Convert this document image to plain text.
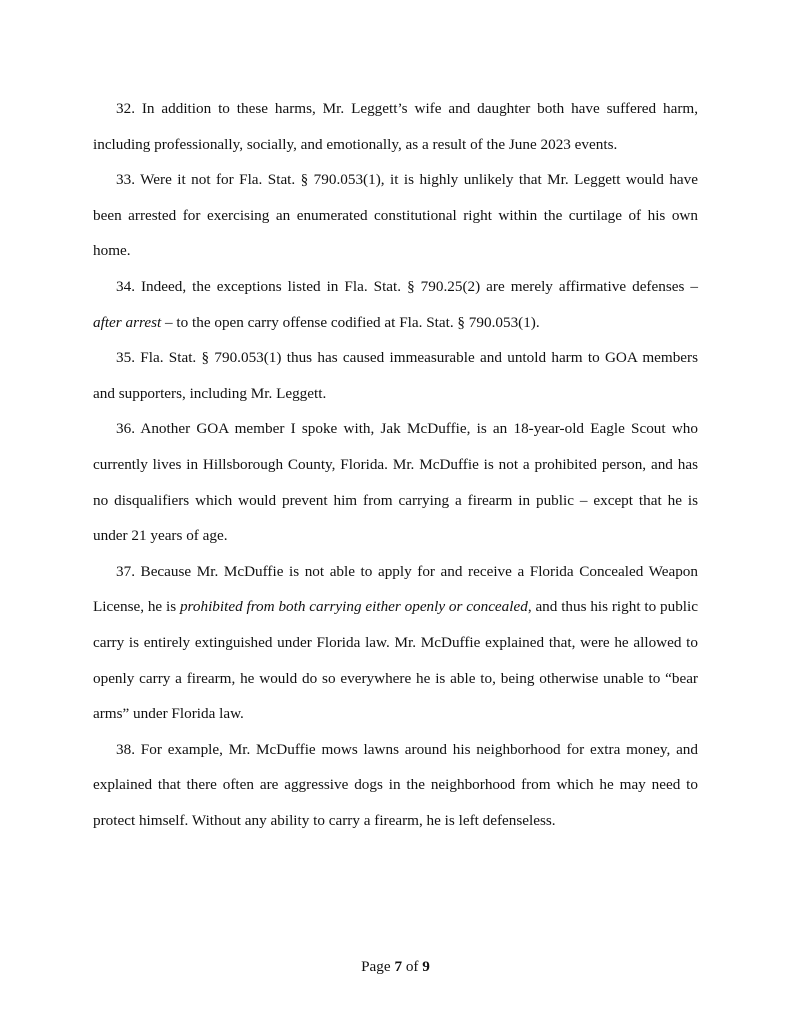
32. In addition to these harms, Mr. Leggett’s wife and daughter both have suffered harm, including professionally, socially, and emotionally, as a result of the June 2023 events.

33. Were it not for Fla. Stat. § 790.053(1), it is highly unlikely that Mr. Leggett would have been arrested for exercising an enumerated constitutional right within the curtilage of his own home.

34. Indeed, the exceptions listed in Fla. Stat. § 790.25(2) are merely affirmative defenses – after arrest – to the open carry offense codified at Fla. Stat. § 790.053(1).

35. Fla. Stat. § 790.053(1) thus has caused immeasurable and untold harm to GOA members and supporters, including Mr. Leggett.

36. Another GOA member I spoke with, Jak McDuffie, is an 18-year-old Eagle Scout who currently lives in Hillsborough County, Florida. Mr. McDuffie is not a prohibited person, and has no disqualifiers which would prevent him from carrying a firearm in public – except that he is under 21 years of age.

37. Because Mr. McDuffie is not able to apply for and receive a Florida Concealed Weapon License, he is prohibited from both carrying either openly or concealed, and thus his right to public carry is entirely extinguished under Florida law. Mr. McDuffie explained that, were he allowed to openly carry a firearm, he would do so everywhere he is able to, being otherwise unable to “bear arms” under Florida law.

38. For example, Mr. McDuffie mows lawns around his neighborhood for extra money, and explained that there often are aggressive dogs in the neighborhood from which he may need to protect himself. Without any ability to carry a firearm, he is left defenseless.

Page 7 of 9
